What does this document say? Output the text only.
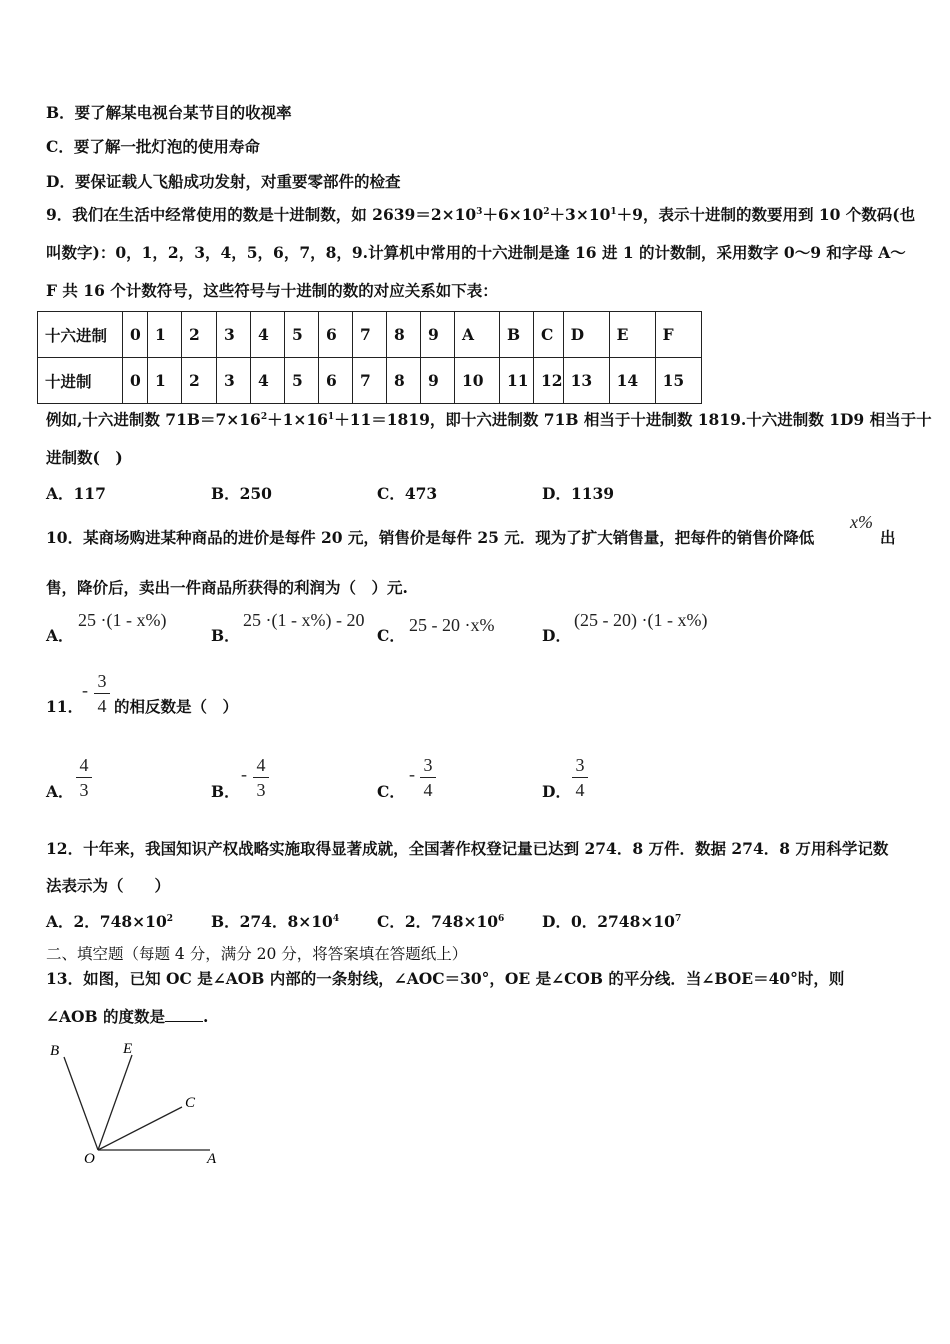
B．要了解某电视台某节目的收视率
C．要了解一批灯泡的使用寿命
D．要保证载人飞船成功发射，对重要零部件的检查
9．我们在生活中经常使用的数是十进制数，如 $2639=2\times 10^3+6\times 10^2+3\times 10^1+9$，表示十进制的数要用到 10 个数码(也
叫数字)：0，1，2，3，4，5，6，7，8，9.计算机中常用的十六进制是逢 16 进 1 的计数制，采用数字 0～9 和字母 A～
F 共 16 个计数符号，这些符号与十进制的数的对应关系如下表：
十六进制	0	1	2	3	4	5	6	7	8	9	A	B	C	D	E	F
十进制	0	1	2	3	4	5	6	7	8	9	10	11	12	13	14	15
例如,十六进制数 $71B=7\times 16^2+1\times 16^1+11=1819$，即十六进制数 71B 相当于十进制数 1819.十六进制数 1D9 相当于十
进制数(　)
A．117	B．250	C．473	D．1139
10．某商场购进某种商品的进价是每件 20 元，销售价是每件 25 元．现为了扩大销售量，把每件的销售价降低
x%
出
售，降价后，卖出一件商品所获得的利润为（　）元.
A．
25 ·(1 - x%)
B．
25 ·(1 - x%) - 20
C．
25 - 20 ·x%
D．
(25 - 20) ·(1 - x%)
11．
- 3
4 的相反数是（　）
A．
4
3	B．
- 4
3	C．
- 3
4	D．
3
4
12．十年来，我国知识产权战略实施取得显著成就，全国著作权登记量已达到 274．8 万件．数据 274．8 万用科学记数
法表示为（　　）
A．2．$748\times 10^2$ B．274．$8\times 10^4$ C．2．$748\times 10^6$ D．0．$2748\times 10^7$
二、填空题（每题 4 分，满分 20 分，将答案填在答题纸上）
13．如图，已知 OC 是∠AOB 内部的一条射线，∠AOC＝30°，OE 是∠COB 的平分线．当∠BOE＝40°时，则
∠AOB 的度数是 .
B	E
C
O	A
